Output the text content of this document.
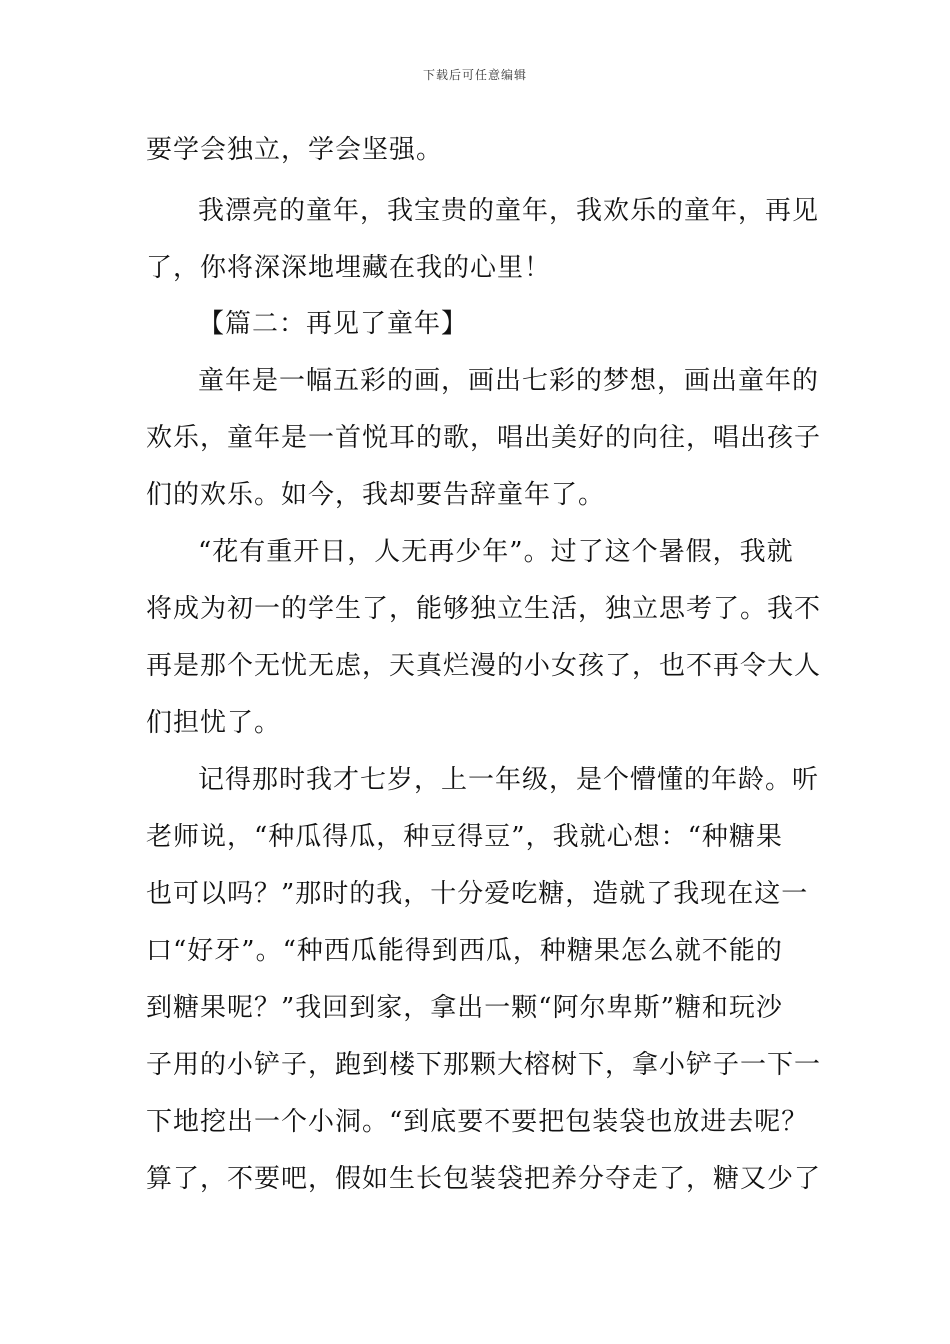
下载后可任意编辑
要学会独立，学会坚强。
我漂亮的童年，我宝贵的童年，我欢乐的童年，再见
了，你将深深地埋藏在我的心里！
【篇二：再见了童年】
童年是一幅五彩的画，画出七彩的梦想，画出童年的
欢乐，童年是一首悦耳的歌，唱出美好的向往，唱出孩子
们的欢乐。如今，我却要告辞童年了。
“花有重开日，人无再少年”。过了这个暑假，我就
将成为初一的学生了，能够独立生活，独立思考了。我不
再是那个无忧无虑，天真烂漫的小女孩了，也不再令大人
们担忧了。
记得那时我才七岁，上一年级，是个懵懂的年龄。听
老师说，“种瓜得瓜，种豆得豆”，我就心想：“种糖果
也可以吗？”那时的我，十分爱吃糖，造就了我现在这一
口“好牙”。“种西瓜能得到西瓜，种糖果怎么就不能的
到糖果呢？”我回到家，拿出一颗“阿尔卑斯”糖和玩沙
子用的小铲子，跑到楼下那颗大榕树下，拿小铲子一下一
下地挖出一个小洞。“到底要不要把包装袋也放进去呢？
算了，不要吧，假如生长包装袋把养分夺走了，糖又少了
